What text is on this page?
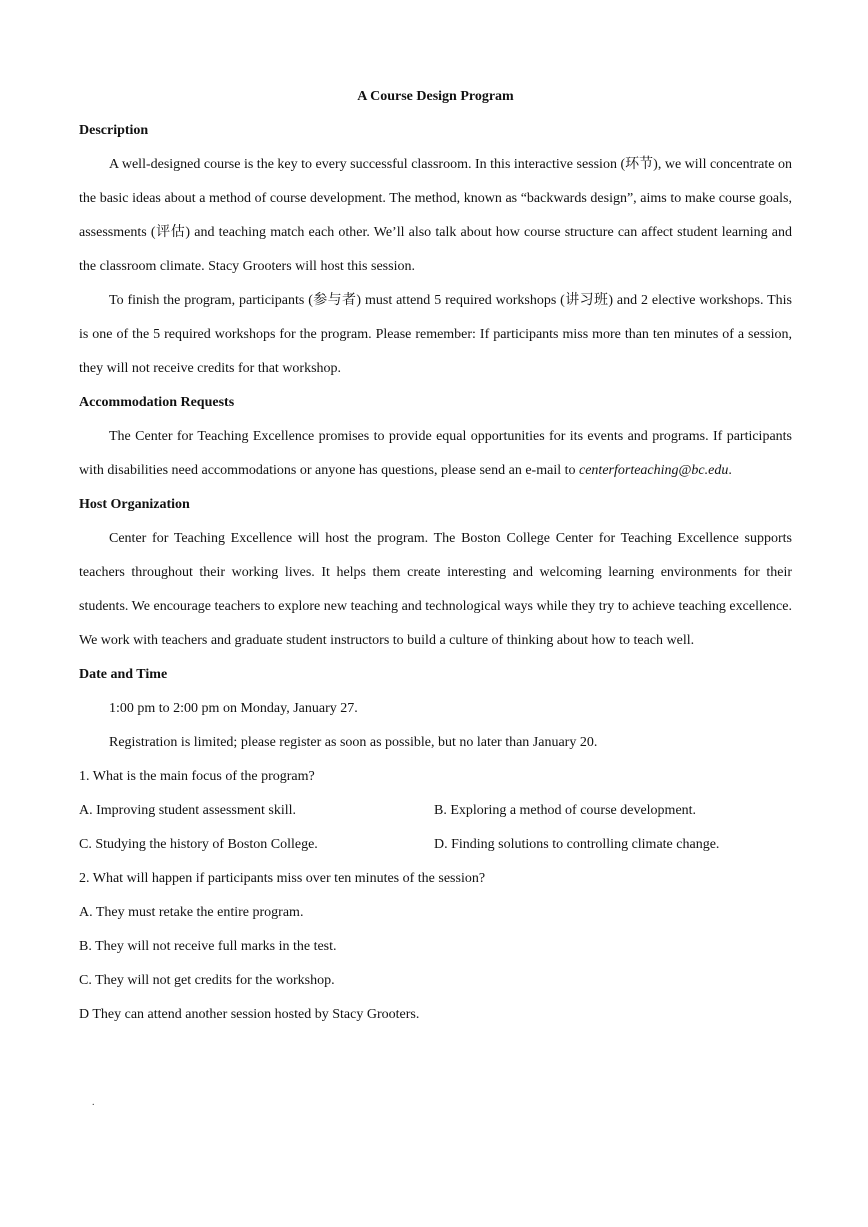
A Course Design Program
Description

A well-designed course is the key to every successful classroom. In this interactive session (环节), we will concentrate on the basic ideas about a method of course development. The method, known as “backwards design”, aims to make course goals, assessments (评估) and teaching match each other. We’ll also talk about how course structure can affect student learning and the classroom climate. Stacy Grooters will host this session.

To finish the program, participants (参与者) must attend 5 required workshops (讲习班) and 2 elective workshops. This is one of the 5 required workshops for the program. Please remember: If participants miss more than ten minutes of a session, they will not receive credits for that workshop.

Accommodation Requests

The Center for Teaching Excellence promises to provide equal opportunities for its events and programs. If participants with disabilities need accommodations or anyone has questions, please send an e-mail to centerforteaching@bc.edu.

Host Organization

Center for Teaching Excellence will host the program. The Boston College Center for Teaching Excellence supports teachers throughout their working lives. It helps them create interesting and welcoming learning environments for their students. We encourage teachers to explore new teaching and technological ways while they try to achieve teaching excellence. We work with teachers and graduate student instructors to build a culture of thinking about how to teach well.

Date and Time
1:00 pm to 2:00 pm on Monday, January 27.
Registration is limited; please register as soon as possible, but no later than January 20.
1. What is the main focus of the program?
A. Improving student assessment skill.	B. Exploring a method of course development.
C. Studying the history of Boston College.	D. Finding solutions to controlling climate change.
2. What will happen if participants miss over ten minutes of the session?
A. They must retake the entire program.
B. They will not receive full marks in the test.
C. They will not get credits for the workshop.
D They can attend another session hosted by Stacy Grooters.
.
